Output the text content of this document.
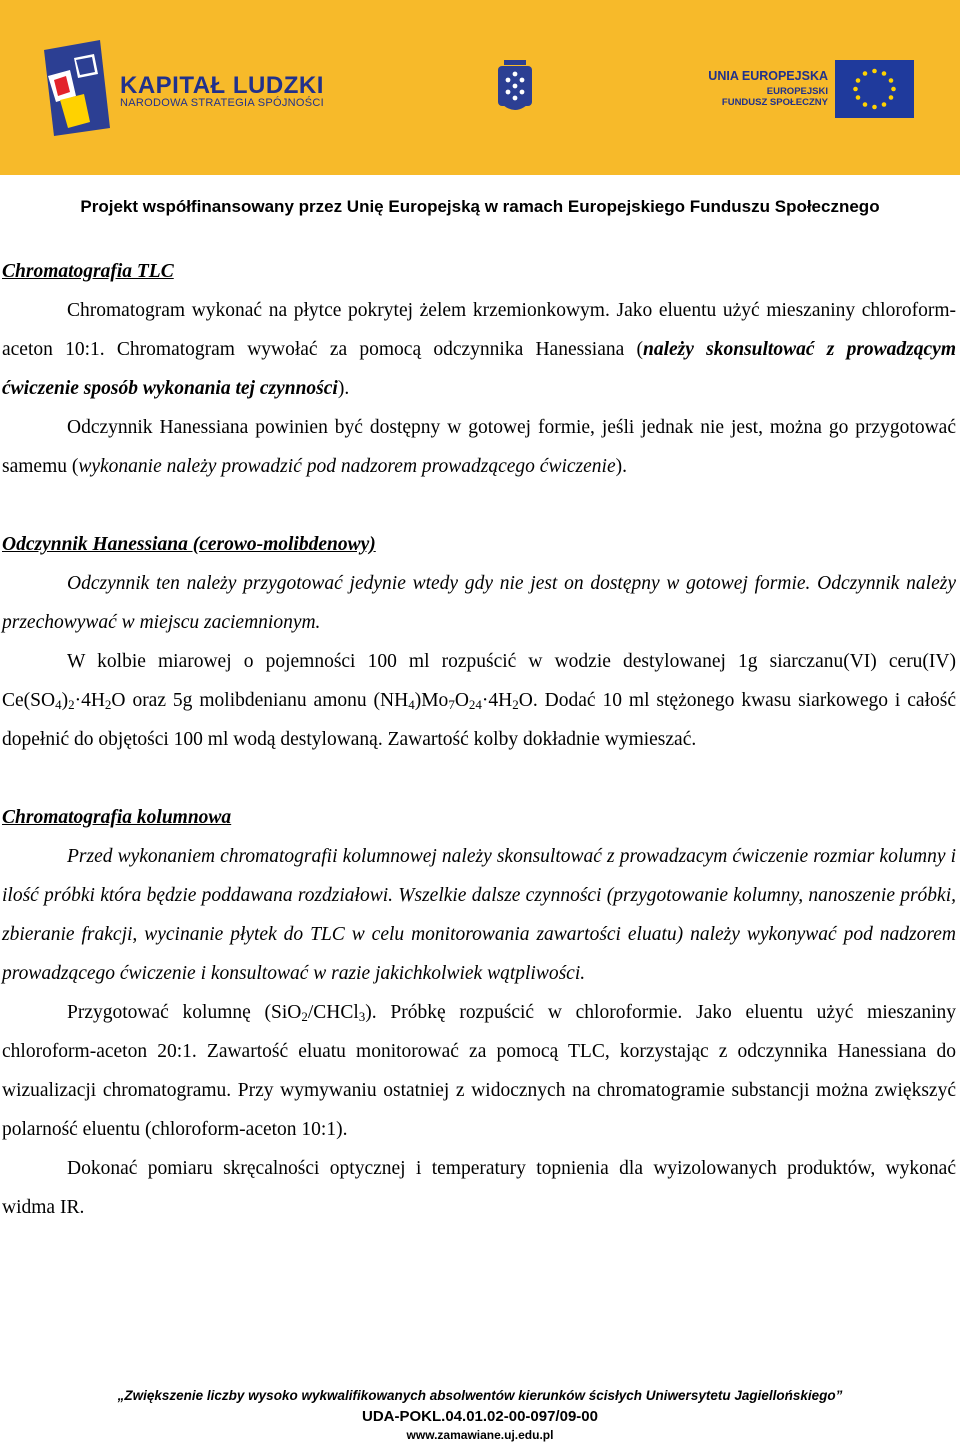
KAPITAŁ LUDZKI
NARODOWA STRATEGIA SPÓJNOŚCI
UNIA EUROPEJSKA
EUROPEJSKI
FUNDUSZ SPOŁECZNY
Projekt współfinansowany przez Unię Europejską w ramach Europejskiego Funduszu Społecznego

Chromatografia TLC

Chromatogram wykonać na płytce pokrytej żelem krzemionkowym. Jako eluentu użyć mieszaniny chloroform-aceton 10:1. Chromatogram wywołać za pomocą odczynnika Hanessiana (należy skonsultować z prowadzącym ćwiczenie sposób wykonania tej czynności).

Odczynnik Hanessiana powinien być dostępny w gotowej formie, jeśli jednak nie jest, można go przygotować samemu (wykonanie należy prowadzić pod nadzorem prowadzącego ćwiczenie).

Odczynnik Hanessiana (cerowo-molibdenowy)

Odczynnik ten należy przygotować jedynie wtedy gdy nie jest on dostępny w gotowej formie. Odczynnik należy przechowywać w miejscu zaciemnionym.

W kolbie miarowej o pojemności 100 ml rozpuścić w wodzie destylowanej 1g siarczanu(VI) ceru(IV) $Ce(SO_4)_2\cdot 4H_2O$ oraz 5g molibdenianu amonu $(NH_4)Mo_7O_{24}\cdot 4H_2O$. Dodać 10 ml stężonego kwasu siarkowego i całość dopełnić do objętości 100 ml wodą destylowaną. Zawartość kolby dokładnie wymieszać.

Chromatografia kolumnowa

Przed wykonaniem chromatografii kolumnowej należy skonsultować z prowadzacym ćwiczenie rozmiar kolumny i ilość próbki która będzie poddawana rozdziałowi. Wszelkie dalsze czynności (przygotowanie kolumny, nanoszenie próbki, zbieranie frakcji, wycinanie płytek do TLC w celu monitorowania zawartości eluatu) należy wykonywać pod nadzorem prowadzącego ćwiczenie i konsultować w razie jakichkolwiek wątpliwości.

Przygotować kolumnę (SiO$_2$/CHCl$_3$). Próbkę rozpuścić w chloroformie. Jako eluentu użyć mieszaniny chloroform-aceton 20:1. Zawartość eluatu monitorować za pomocą TLC, korzystając z odczynnika Hanessiana do wizualizacji chromatogramu. Przy wymywaniu ostatniej z widocznych na chromatogramie substancji można zwiększyć polarność eluentu (chloroform-aceton 10:1).

Dokonać pomiaru skręcalności optycznej i temperatury topnienia dla wyizolowanych produktów, wykonać widma IR.

„Zwiększenie liczby wysoko wykwalifikowanych absolwentów kierunków ścisłych Uniwersytetu Jagiellońskiego”
UDA-POKL.04.01.02-00-097/09-00
www.zamawiane.uj.edu.pl
